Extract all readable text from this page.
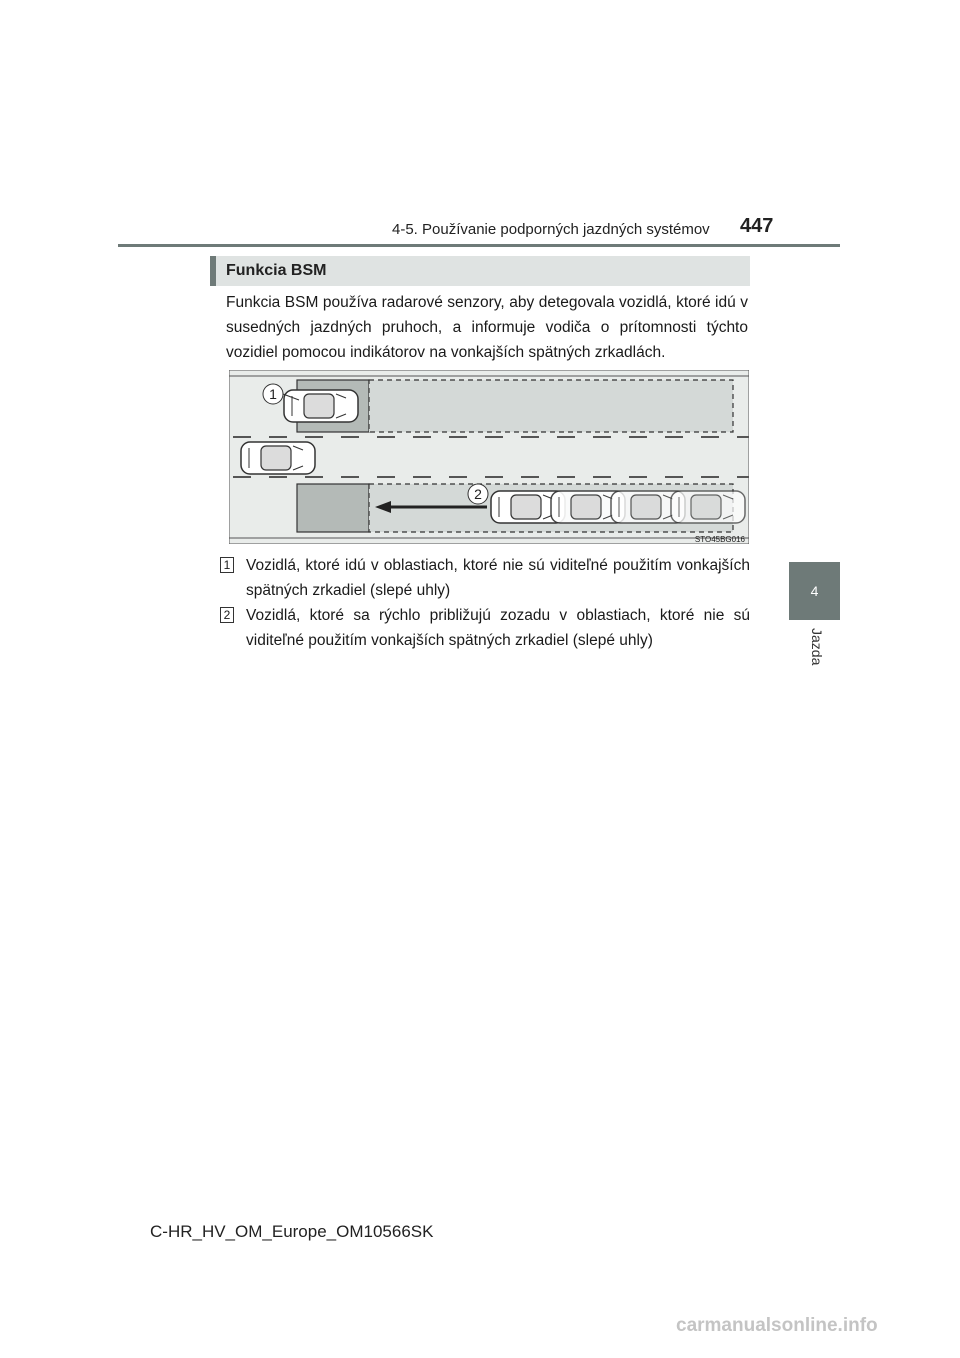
4-5. Používanie podporných jazdných systémov 447
4
Jazda
Funkcia BSM
Funkcia BSM používa radarové senzory, aby detegovala vozidlá, ktoré idú v susedných jazdných pruhoch, a informuje vodiča o prítomnosti týchto vozidiel pomocou indikátorov na vonkajších spätných zrkadlách.
1
2
STO45BG016
1 Vozidlá, ktoré idú v oblastiach, ktoré nie sú viditeľné použitím vonkajších spätných zrkadiel (slepé uhly)
2 Vozidlá, ktoré sa rýchlo približujú zozadu v oblastiach, ktoré nie sú viditeľné použitím vonkajších spätných zrkadiel (slepé uhly)
C-HR_HV_OM_Europe_OM10566SK
carmanualsonline.info
